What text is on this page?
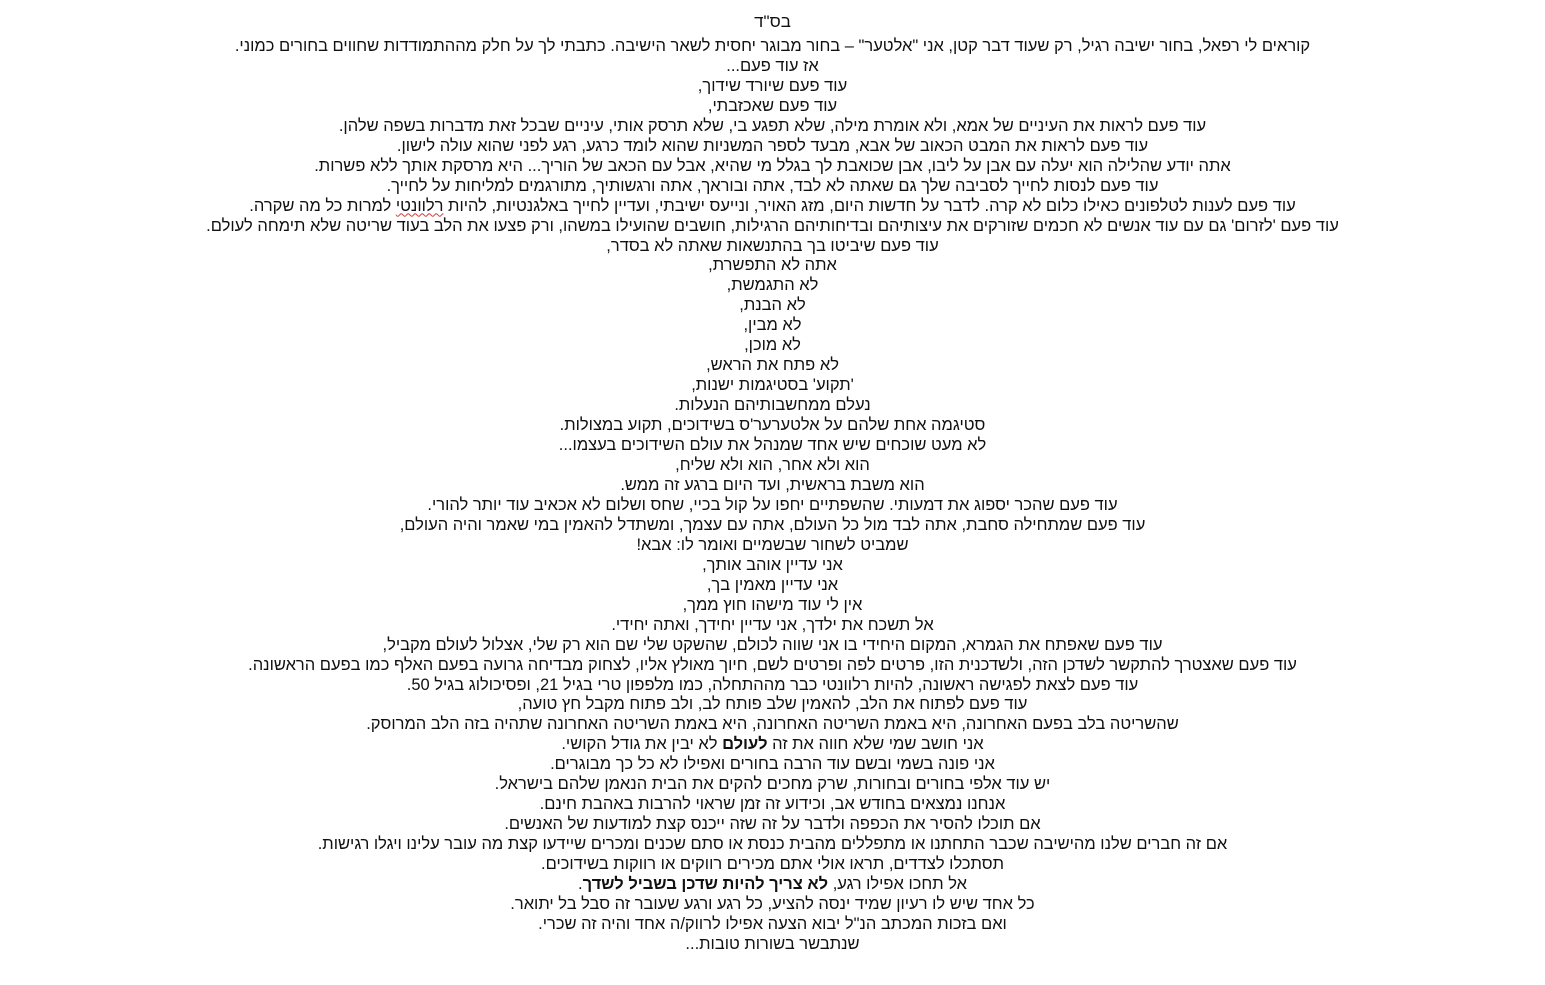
בס"ד
קוראים לי רפאל, בחור ישיבה רגיל, רק שעוד דבר קטן, אני "אלטער" – בחור מבוגר יחסית לשאר הישיבה. כתבתי לך על חלק מההתמודדות שחווים בחורים כמוני.
אז עוד פעם...
עוד פעם שיורד שידוך,
עוד פעם שאכזבתי,
עוד פעם לראות את העיניים של אמא, ולא אומרת מילה, שלא תפגע בי, שלא תרסק אותי, עיניים שבכל זאת מדברות בשפה שלהן.
עוד פעם לראות את המבט הכאוב של אבא, מבעד לספר המשניות שהוא לומד כרגע, רגע לפני שהוא עולה לישון.
אתה יודע שהלילה הוא יעלה עם אבן על ליבו, אבן שכואבת לך בגלל מי שהיא, אבל עם הכאב של הוריך... היא מרסקת אותך ללא פשרות.
עוד פעם לנסות לחייך לסביבה שלך גם שאתה לא לבד, אתה ובוראך, אתה ורגשותיך, מתורגמים למליחות על לחייך.
עוד פעם לענות לטלפונים כאילו כלום לא קרה. לדבר על חדשות היום, מזג האויר, ונייעס ישיבתי, ועדיין לחייך באלגנטיות, להיות רלוונטי למרות כל מה שקרה.
עוד פעם 'לזרום' גם עם עוד אנשים לא חכמים שזורקים את עיצותיהם ובדיחותיהם הרגילות, חושבים שהועילו במשהו, ורק פצעו את הלב בעוד שריטה שלא תימחה לעולם.
עוד פעם שיביטו בך בהתנשאות שאתה לא בסדר,
אתה לא התפשרת,
לא התגמשת,
לא הבנת,
לא מבין,
לא מוכן,
לא פתח את הראש,
'תקוע' בסטיגמות ישנות,
נעלם ממחשבותיהם הנעלות.
סטיגמה אחת שלהם על אלטערער'ס בשידוכים, תקוע במצולות.
לא מעט שוכחים שיש אחד שמנהל את עולם השידוכים בעצמו...
הוא ולא אחר, הוא ולא שליח,
הוא משבת בראשית, ועד היום ברגע זה ממש.
עוד פעם שהכר יספוג את דמעותי. שהשפתיים יחפו על קול בכיי, שחס ושלום לא אכאיב עוד יותר להורי.
עוד פעם שמתחילה סחבת, אתה לבד מול כל העולם, אתה עם עצמך, ומשתדל להאמין במי שאמר והיה העולם,
שמביט לשחור שבשמיים ואומר לו: אבא!
אני עדיין אוהב אותך,
אני עדיין מאמין בך,
אין לי עוד מישהו חוץ ממך,
אל תשכח את ילדך, אני עדיין יחידך, ואתה יחידי.
עוד פעם שאפתח את הגמרא, המקום היחידי בו אני שווה לכולם, שהשקט שלי שם הוא רק שלי, אצלול לעולם מקביל,
עוד פעם שאצטרך להתקשר לשדכן הזה, ולשדכנית הזו, פרטים לפה ופרטים לשם, חיוך מאולץ אליו, לצחוק מבדיחה גרועה בפעם האלף כמו בפעם הראשונה.
עוד פעם לצאת לפגישה ראשונה, להיות רלוונטי כבר מההתחלה, כמו מלפפון טרי בגיל 21, ופסיכולוג בגיל 50.
עוד פעם לפתוח את הלב, להאמין שלב פותח לב, ולב פתוח מקבל חץ טועה,
שהשריטה בלב בפעם האחרונה, היא באמת השריטה האחרונה, היא באמת השריטה האחרונה שתהיה בזה הלב המרוסק.
אני חושב שמי שלא חווה את זה לעולם לא יבין את גודל הקושי.
אני פונה בשמי ובשם עוד הרבה בחורים ואפילו לא כל כך מבוגרים.
יש עוד אלפי בחורים ובחורות, שרק מחכים להקים את הבית הנאמן שלהם בישראל.
אנחנו נמצאים בחודש אב, וכידוע זה זמן שראוי להרבות באהבת חינם.
אם תוכלו להסיר את הכפפה ולדבר על זה שזה ייכנס קצת למודעות של האנשים.
אם זה חברים שלנו מהישיבה שכבר התחתנו או מתפללים מהבית כנסת או סתם שכנים ומכרים שיידעו קצת מה עובר עלינו ויגלו רגישות.
תסתכלו לצדדים, תראו אולי אתם מכירים רווקים או רווקות בשידוכים.
אל תחכו אפילו רגע, לא צריך להיות שדכן בשביל לשדך.
כל אחד שיש לו רעיון שמיד ינסה להציע, כל רגע ורגע שעובר זה סבל בל יתואר.
ואם בזכות המכתב הנ"ל יבוא הצעה אפילו לרווק/ה אחד והיה זה שכרי.
שנתבשר בשורות טובות...
